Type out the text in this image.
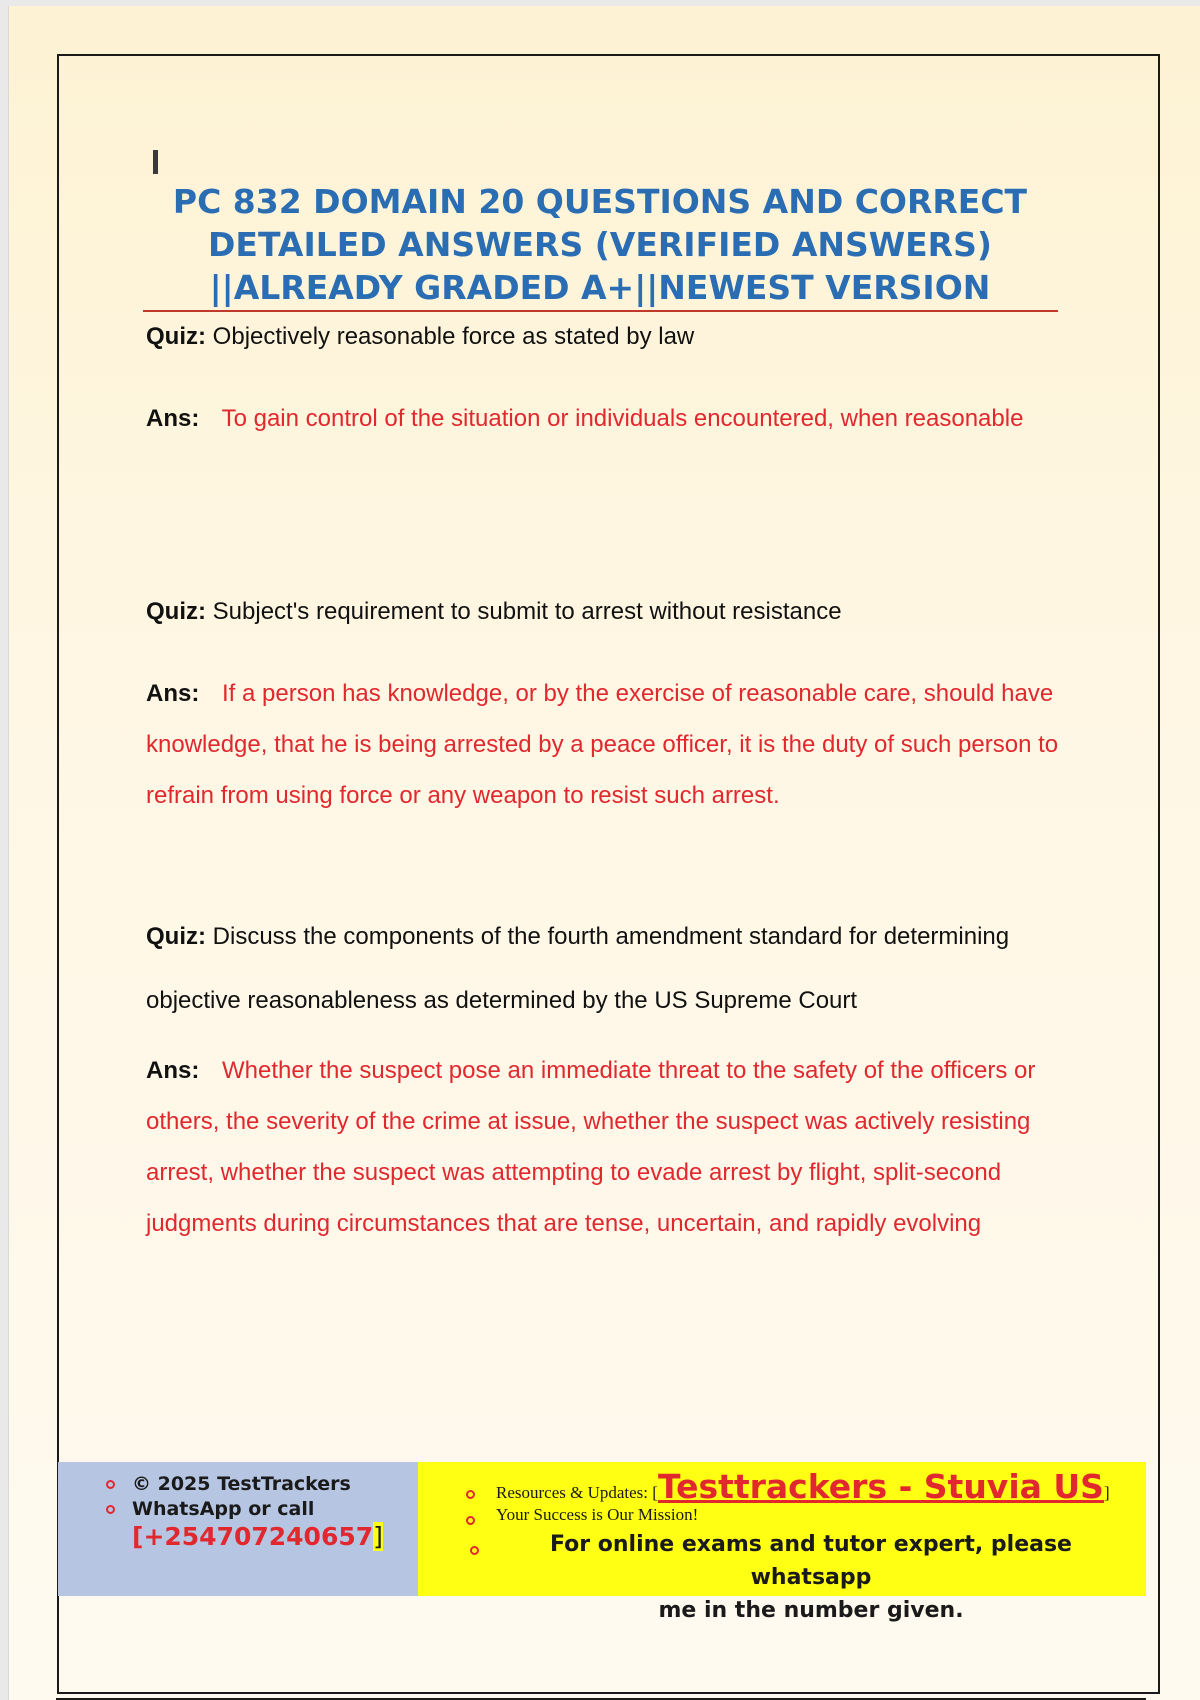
PC 832 DOMAIN 20 QUESTIONS AND CORRECT
DETAILED ANSWERS (VERIFIED ANSWERS)
||ALREADY GRADED A+||NEWEST VERSION
Quiz: Objectively reasonable force as stated by law
Ans: To gain control of the situation or individuals encountered, when reasonable
Quiz: Subject's requirement to submit to arrest without resistance
Ans: If a person has knowledge, or by the exercise of reasonable care, should have knowledge, that he is being arrested by a peace officer, it is the duty of such person to refrain from using force or any weapon to resist such arrest.
Quiz: Discuss the components of the fourth amendment standard for determining objective reasonableness as determined by the US Supreme Court
Ans: Whether the suspect pose an immediate threat to the safety of the officers or others, the severity of the crime at issue, whether the suspect was actively resisting arrest, whether the suspect was attempting to evade arrest by flight, split-second judgments during circumstances that are tense, uncertain, and rapidly evolving
© 2025 TestTrackers
WhatsApp or call
[+254707240657]
Resources & Updates: [Testtrackers - Stuvia US]
Your Success is Our Mission!
For online exams and tutor expert, please whatsapp
me in the number given.
